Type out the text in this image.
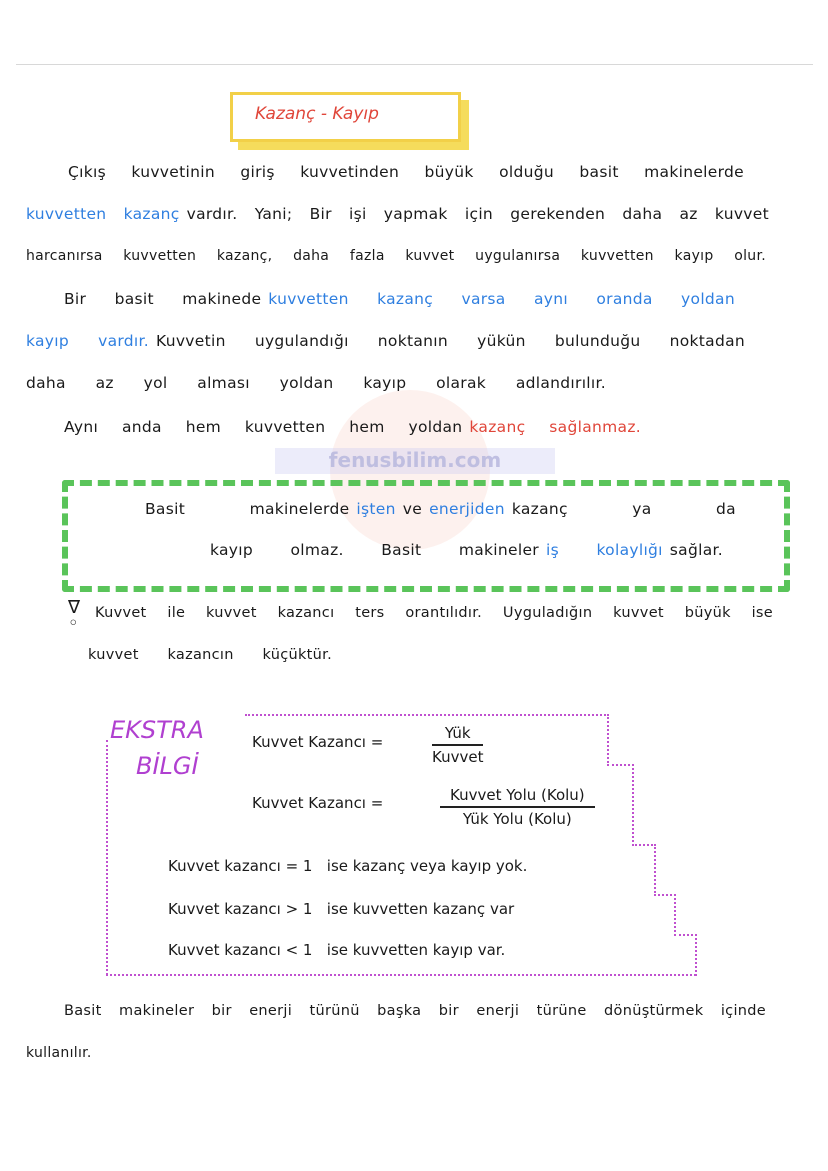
Kazanç - Kayıp
Çıkış kuvvetinin giriş kuvvetinden büyük olduğu basit makinelerde
kuvvetten kazanç vardır. Yani; Bir işi yapmak için gerekenden daha az kuvvet
harcanırsa kuvvetten kazanç, daha fazla kuvvet uygulanırsa kuvvetten kayıp olur.
Bir basit makinede kuvvetten kazanç varsa aynı oranda yoldan
kayıp vardır. Kuvvetin uygulandığı noktanın yükün bulunduğu noktadan
daha az yol alması yoldan kayıp olarak adlandırılır.
Aynı anda hem kuvvetten hem yoldan kazanç sağlanmaz.
fenusbilim.com
Basit makinelerde işten ve enerjiden kazanç ya da
kayıp olmaz. Basit makineler iş kolaylığı sağlar.
∇
◦ Kuvvet ile kuvvet kazancı ters orantılıdır. Uyguladığın kuvvet büyük ise
kuvvet kazancın küçüktür.
EKSTRA
BİLGİ
Kuvvet Kazancı =	Yük
Kuvvet
Kuvvet Kazancı =	Kuvvet Yolu (Kolu)
Yük Yolu (Kolu)
Kuvvet kazancı = 1   ise kazanç veya kayıp yok.
Kuvvet kazancı > 1   ise kuvvetten kazanç var
Kuvvet kazancı < 1   ise kuvvetten kayıp var.
Basit makineler bir enerji türünü başka bir enerji türüne dönüştürmek içinde
kullanılır.
